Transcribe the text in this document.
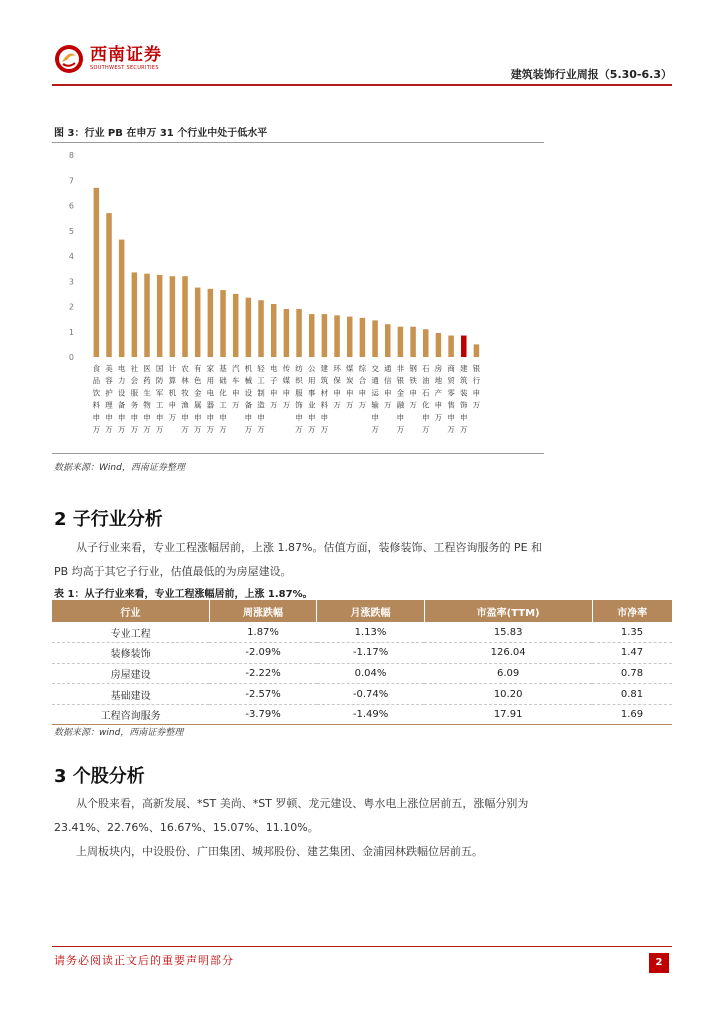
西南证券
SOUTHWEST SECURITIES	建筑装饰行业周报（5.30-6.3）
图 3：行业 PB 在申万 31 个行业中处于低水平
0
1
2
3
4
5
6
7
8
食品饮料申万
美容护理申万
电力设备申万
社会服务申万
医药生物申万
国防军工申万
计算机申万
农林牧渔申万
有色金属申万
家用电器申万
基础化工申万
汽车申万
机械设备申万
轻工制造申万
电子申万
传媒申万
纺织服饰申万
公用事业申万
建筑材料申万
环保申万
煤炭申万
综合申万
交通运输申万
通信申万
非银金融申万
钢铁申万
石油石化申万
房地产申万
商贸零售申万
建筑装饰申万
银行申万
数据来源：Wind，西南证券整理
2 子行业分析
从子行业来看，专业工程涨幅居前，上涨 1.87%。估值方面，装修装饰、工程咨询服务的 PE 和 PB 均高于其它子行业，估值最低的为房屋建设。
表 1：从子行业来看，专业工程涨幅居前，上涨 1.87%。
行业	周涨跌幅	月涨跌幅	市盈率(TTM)	市净率
专业工程	1.87%	1.13%	15.83	1.35
装修装饰	-2.09%	-1.17%	126.04	1.47
房屋建设	-2.22%	0.04%	6.09	0.78
基础建设	-2.57%	-0.74%	10.20	0.81
工程咨询服务	-3.79%	-1.49%	17.91	1.69
数据来源：wind，西南证券整理
3 个股分析
从个股来看，高新发展、*ST 美尚、*ST 罗顿、龙元建设、粤水电上涨位居前五，涨幅分别为 23.41%、22.76%、16.67%、15.07%、11.10%。
上周板块内，中设股份、广田集团、城邦股份、建艺集团、金浦园林跌幅位居前五。
请务必阅读正文后的重要声明部分	2
